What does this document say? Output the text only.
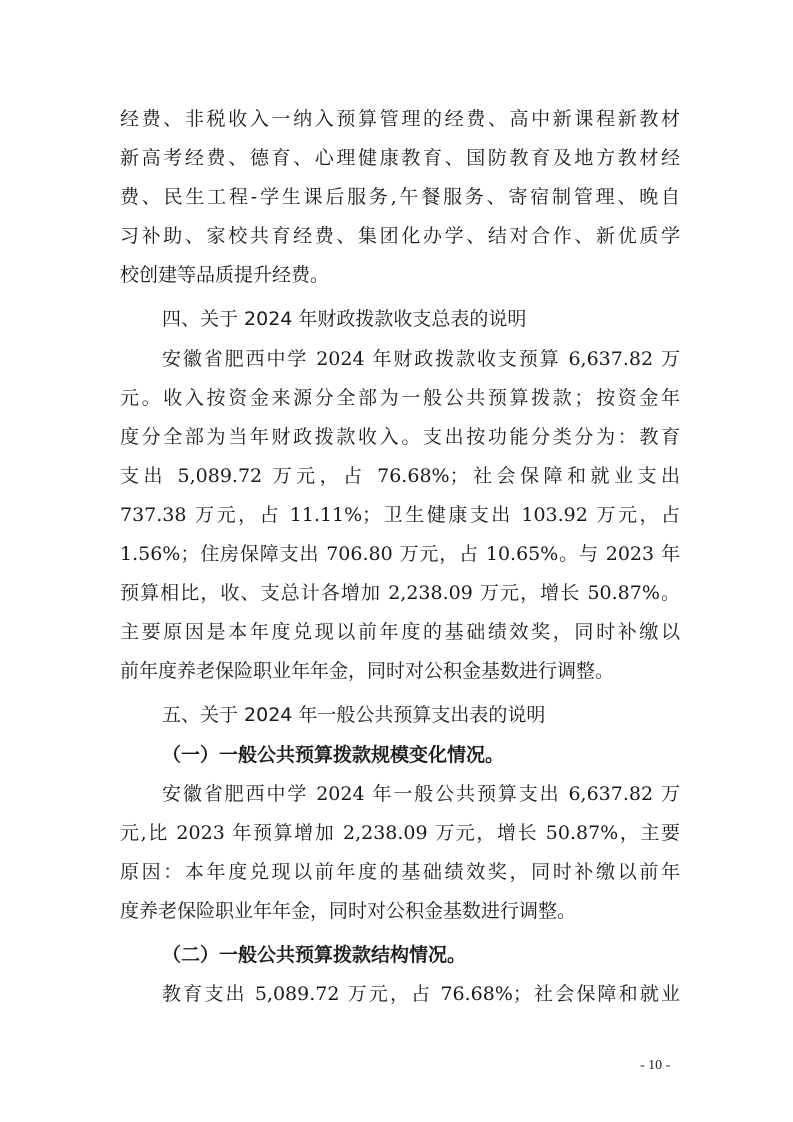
经费、非税收入一纳入预算管理的经费、高中新课程新教材
新高考经费、德育、心理健康教育、国防教育及地方教材经
费、民生工程-学生课后服务,午餐服务、寄宿制管理、晚自
习补助、家校共育经费、集团化办学、结对合作、新优质学
校创建等品质提升经费。
四、关于 2024 年财政拨款收支总表的说明
安徽省肥西中学 2024 年财政拨款收支预算 6,637.82 万
元。收入按资金来源分全部为一般公共预算拨款；按资金年
度分全部为当年财政拨款收入。支出按功能分类分为：教育
支出 5,089.72 万元，占 76.68%；社会保障和就业支出
737.38 万元，占 11.11%；卫生健康支出 103.92 万元，占
1.56%；住房保障支出 706.80 万元，占 10.65%。与 2023 年
预算相比，收、支总计各增加 2,238.09 万元，增长 50.87%。
主要原因是本年度兑现以前年度的基础绩效奖，同时补缴以
前年度养老保险职业年年金，同时对公积金基数进行调整。
五、关于 2024 年一般公共预算支出表的说明
（一）一般公共预算拨款规模变化情况。
安徽省肥西中学 2024 年一般公共预算支出 6,637.82 万
元,比 2023 年预算增加 2,238.09 万元，增长 50.87%，主要
原因：本年度兑现以前年度的基础绩效奖，同时补缴以前年
度养老保险职业年年金，同时对公积金基数进行调整。
（二）一般公共预算拨款结构情况。
教育支出 5,089.72 万元，占 76.68%；社会保障和就业
- 10 -
